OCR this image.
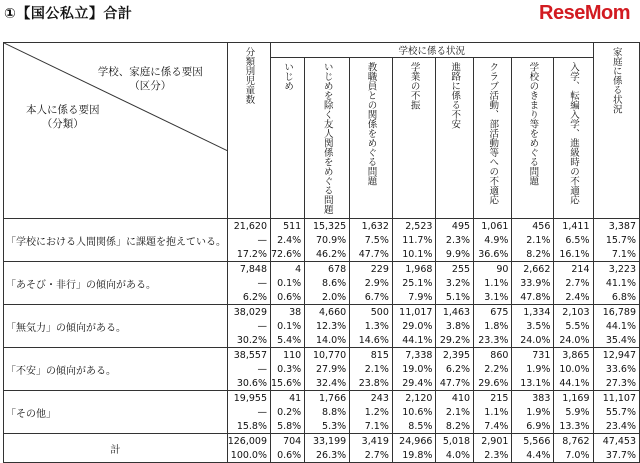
①【国公私立】合計	ReseMom
学校、家庭に係る要因
（区分）
本人に係る要因
（分類）	分類別児童数	学校に係る状況								家庭に係る状況
		いじめ	いじめを除く友人関係をめぐる問題	教職員との関係をめぐる問題	学業の不振	進路に係る不安	クラブ活動、部活動等への不適応	学校のきまり等をめぐる問題	入学、転編入学、進級時の不適応	
「学校における人間関係」に課題を抱えている。	21,620	511	15,325	1,632	2,523	495	1,061	456	1,411	3,387
	—	2.4%	70.9%	7.5%	11.7%	2.3%	4.9%	2.1%	6.5%	15.7%
	17.2%	72.6%	46.2%	47.7%	10.1%	9.9%	36.6%	8.2%	16.1%	7.1%
「あそび・非行」の傾向がある。	7,848	4	678	229	1,968	255	90	2,662	214	3,223
	—	0.1%	8.6%	2.9%	25.1%	3.2%	1.1%	33.9%	2.7%	41.1%
	6.2%	0.6%	2.0%	6.7%	7.9%	5.1%	3.1%	47.8%	2.4%	6.8%
「無気力」の傾向がある。	38,029	38	4,660	500	11,017	1,463	675	1,334	2,103	16,789
	—	0.1%	12.3%	1.3%	29.0%	3.8%	1.8%	3.5%	5.5%	44.1%
	30.2%	5.4%	14.0%	14.6%	44.1%	29.2%	23.3%	24.0%	24.0%	35.4%
「不安」の傾向がある。	38,557	110	10,770	815	7,338	2,395	860	731	3,865	12,947
	—	0.3%	27.9%	2.1%	19.0%	6.2%	2.2%	1.9%	10.0%	33.6%
	30.6%	15.6%	32.4%	23.8%	29.4%	47.7%	29.6%	13.1%	44.1%	27.3%
「その他」	19,955	41	1,766	243	2,120	410	215	383	1,169	11,107
	—	0.2%	8.8%	1.2%	10.6%	2.1%	1.1%	1.9%	5.9%	55.7%
	15.8%	5.8%	5.3%	7.1%	8.5%	8.2%	7.4%	6.9%	13.3%	23.4%
計	126,009	704	33,199	3,419	24,966	5,018	2,901	5,566	8,762	47,453
	100.0%	0.6%	26.3%	2.7%	19.8%	4.0%	2.3%	4.4%	7.0%	37.7%
